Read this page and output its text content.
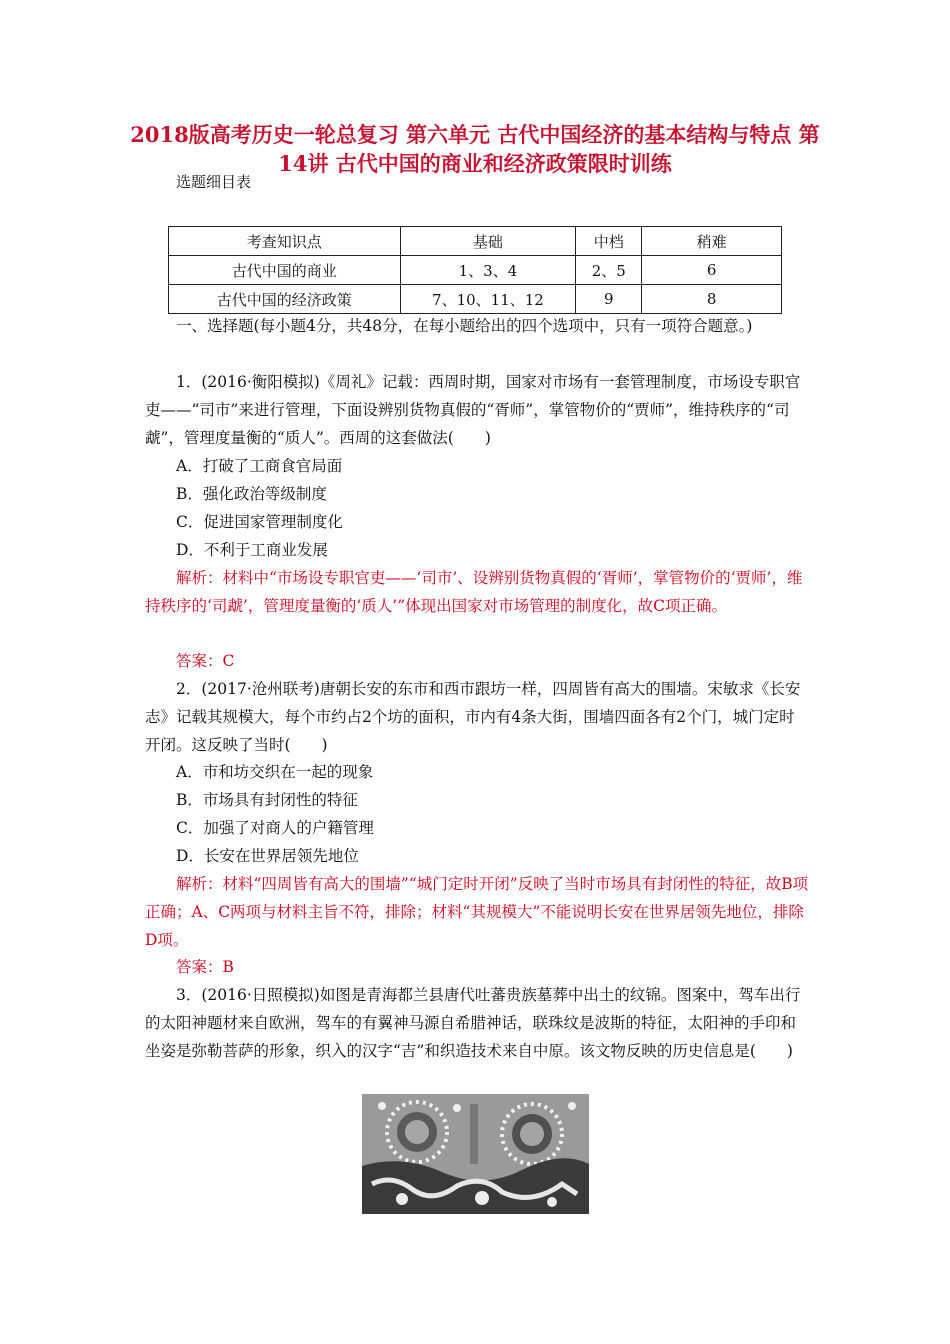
2018版高考历史一轮总复习 第六单元 古代中国经济的基本结构与特点 第14讲 古代中国的商业和经济政策限时训练
选题细目表
考查知识点	基础	中档	稍难
古代中国的商业	1、3、4	2、5	6
古代中国的经济政策	7、10、11、12	9	8
一、选择题(每小题4分，共48分，在每小题给出的四个选项中，只有一项符合题意。)
1．(2016·衡阳模拟)《周礼》记载：西周时期，国家对市场有一套管理制度，市场设专职官吏——“司市”来进行管理，下面设辨别货物真假的“胥师”，掌管物价的“贾师”，维持秩序的“司虣”，管理度量衡的“质人”。西周的这套做法(　　)
A．打破了工商食官局面
B．强化政治等级制度
C．促进国家管理制度化
D．不利于工商业发展
解析：材料中“市场设专职官吏——‘司市’、设辨别货物真假的‘胥师’，掌管物价的‘贾师’，维持秩序的‘司虣’，管理度量衡的‘质人’”体现出国家对市场管理的制度化，故C项正确。
答案：C
2．(2017·沧州联考)唐朝长安的东市和西市跟坊一样，四周皆有高大的围墙。宋敏求《长安志》记载其规模大，每个市约占2个坊的面积，市内有4条大街，围墙四面各有2个门，城门定时开闭。这反映了当时(　　)
A．市和坊交织在一起的现象
B．市场具有封闭性的特征
C．加强了对商人的户籍管理
D．长安在世界居领先地位
解析：材料“四周皆有高大的围墙”“城门定时开闭”反映了当时市场具有封闭性的特征，故B项正确；A、C两项与材料主旨不符，排除；材料“其规模大”不能说明长安在世界居领先地位，排除D项。
答案：B
3．(2016·日照模拟)如图是青海都兰县唐代吐蕃贵族墓葬中出土的纹锦。图案中，驾车出行的太阳神题材来自欧洲，驾车的有翼神马源自希腊神话，联珠纹是波斯的特征，太阳神的手印和坐姿是弥勒菩萨的形象，织入的汉字“吉”和织造技术来自中原。该文物反映的历史信息是(　　)
